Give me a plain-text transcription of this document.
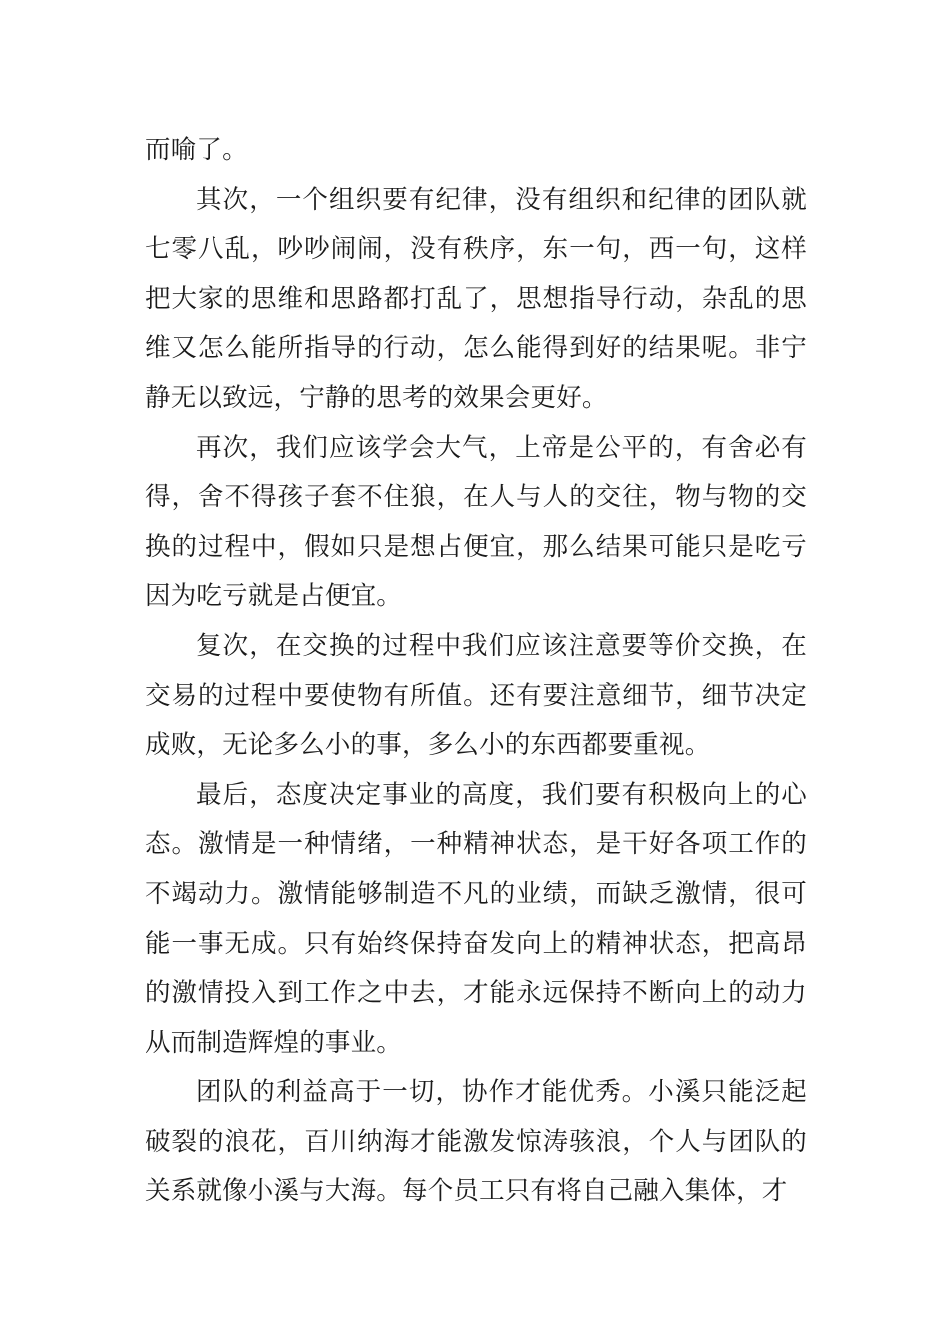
而喻了。

其次，一个组织要有纪律，没有组织和纪律的团队就七零八乱，吵吵闹闹，没有秩序，东一句，西一句，这样把大家的思维和思路都打乱了，思想指导行动，杂乱的思维又怎么能所指导的行动，怎么能得到好的结果呢。非宁静无以致远，宁静的思考的效果会更好。

再次，我们应该学会大气，上帝是公平的，有舍必有得，舍不得孩子套不住狼，在人与人的交往，物与物的交换的过程中，假如只是想占便宜，那么结果可能只是吃亏因为吃亏就是占便宜。

复次，在交换的过程中我们应该注意要等价交换，在交易的过程中要使物有所值。还有要注意细节，细节决定成败，无论多么小的事，多么小的东西都要重视。

最后，态度决定事业的高度，我们要有积极向上的心态。激情是一种情绪，一种精神状态，是干好各项工作的不竭动力。激情能够制造不凡的业绩，而缺乏激情，很可能一事无成。只有始终保持奋发向上的精神状态，把高昂的激情投入到工作之中去，才能永远保持不断向上的动力从而制造辉煌的事业。

团队的利益高于一切，协作才能优秀。小溪只能泛起破裂的浪花，百川纳海才能激发惊涛骇浪，个人与团队的关系就像小溪与大海。每个员工只有将自己融入集体，才
